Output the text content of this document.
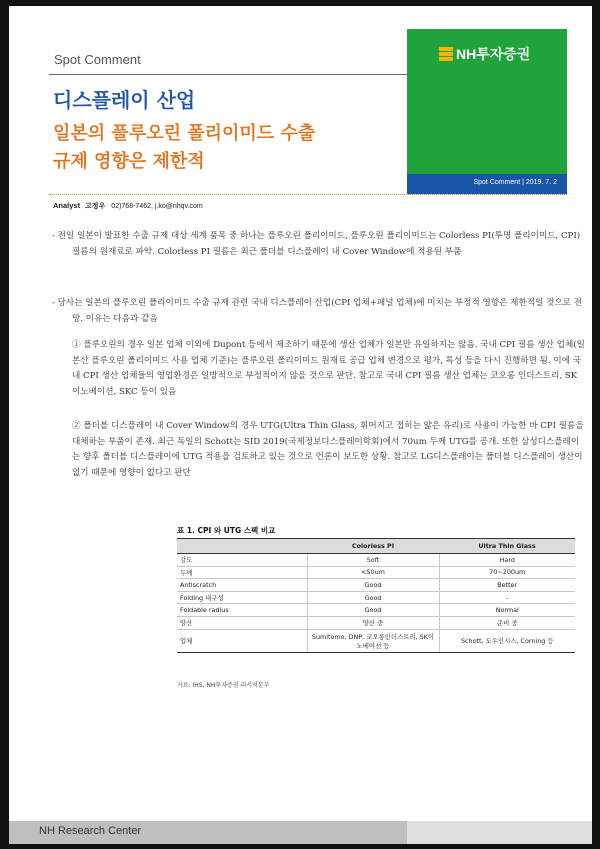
Spot Comment	NH투자증권
Spot Comment | 2019. 7. 2
디스플레이 산업
일본의 플루오린 폴리이미드 수출
규제 영향은 제한적
Analyst 고정우 02)768-7462, j.ko@nhqv.com
- 전일 일본이 발표한 수출 규제 대상 세계 품목 중 하나는 플루오린 폴리이미드, 플루오린 폴리이미드는 Colorless PI(투명 폴리이미드, CPI) 필름의 원재료로 파악. Colorless PI 필름은 최근 폴더블 디스플레이 내 Cover Window에 적용된 부품
- 당사는 일본의 플루오린 폴리이미드 수출 규제 관련 국내 디스플레이 산업(CPI 업체+패널 업체)에 미치는 부정적 영향은 제한적일 것으로 전망. 이유는 다음과 같음
① 플루오린의 경우 일본 업체 이외에 Dupont 등에서 제조하기 때문에 생산 업체가 일본만 유일하지는 않음. 국내 CPI 필름 생산 업체(일본산 플루오린 폴리이미드 사용 업체 기준)는 플루오린 폴리이미드 원재료 공급 업체 변경으로 평가, 특성 등을 다시 진행하면 됨. 이에 국내 CPI 생산 업체들의 영업환경은 일방적으로 부정적이지 않을 것으로 판단. 참고로 국내 CPI 필름 생산 업체는 코오롱 인더스트리, SK이노베이션, SKC 등이 있음
② 폴더블 디스플레이 내 Cover Window의 경우 UTG(Ultra Thin Glass, 휘어지고 접히는 얇은 유리)로 사용이 가능한 바 CPI 필름을 대체하는 부품이 존재. 최근 독일의 Schott는 SID 2019(국제정보디스플레이학회)에서 70um 두께 UTG를 공개. 또한 삼성디스플레이는 향후 폴더블 디스플레이에 UTG 적용을 검토하고 있는 것으로 언론이 보도한 상황. 참고로 LG디스플레이는 폴더블 디스플레이 생산이 없기 때문에 영향이 없다고 판단
표 1. CPI 와 UTG 스펙 비교
	Colorless PI	Ultra Thin Glass
강도	Soft	Hard
두께	<50um	70~200um
Antiscratch	Good	Better
Folding 내구성	Good	-
Foldable radius	Good	Normal
양산	양산 중	준비 중
업체	Sumitomo, DNP, 코오롱인더스트리, SK이노베이션 등	Schott, 도우인시스, Corning 등
자료: IHS, NH투자증권 리서치본부
NH Research Center
